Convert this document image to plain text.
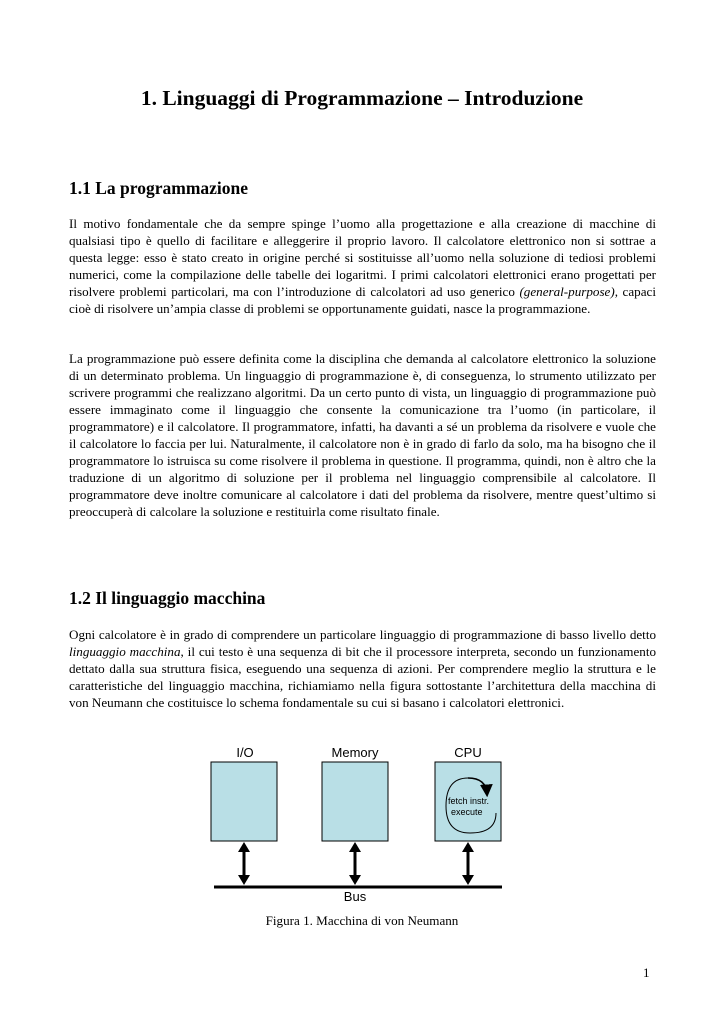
1. Linguaggi di Programmazione – Introduzione
1.1 La programmazione

Il motivo fondamentale che da sempre spinge l’uomo alla progettazione e alla creazione di macchine di qualsiasi tipo è quello di facilitare e alleggerire il proprio lavoro. Il calcolatore elettronico non si sottrae a questa legge: esso è stato creato in origine perché si sostituisse all’uomo nella soluzione di tediosi problemi numerici, come la compilazione delle tabelle dei logaritmi. I primi calcolatori elettronici erano progettati per risolvere problemi particolari, ma con l’introduzione di calcolatori ad uso generico (general-purpose), capaci cioè di risolvere un’ampia classe di problemi se opportunamente guidati, nasce la programmazione.

La programmazione può essere definita come la disciplina che demanda al calcolatore elettronico la soluzione di un determinato problema. Un linguaggio di programmazione è, di conseguenza, lo strumento utilizzato per scrivere programmi che realizzano algoritmi. Da un certo punto di vista, un linguaggio di programmazione può essere immaginato come il linguaggio che consente la comunicazione tra l’uomo (in particolare, il programmatore) e il calcolatore. Il programmatore, infatti, ha davanti a sé un problema da risolvere e vuole che il calcolatore lo faccia per lui. Naturalmente, il calcolatore non è in grado di farlo da solo, ma ha bisogno che il programmatore lo istruisca su come risolvere il problema in questione. Il programma, quindi, non è altro che la traduzione di un algoritmo di soluzione per il problema nel linguaggio comprensibile al calcolatore. Il programmatore deve inoltre comunicare al calcolatore i dati del problema da risolvere, mentre quest’ultimo si preoccuperà di calcolare la soluzione e restituirla come risultato finale.

1.2 Il linguaggio macchina

Ogni calcolatore è in grado di comprendere un particolare linguaggio di programmazione di basso livello detto linguaggio macchina, il cui testo è una sequenza di bit che il processore interpreta, secondo un funzionamento dettato dalla sua struttura fisica, eseguendo una sequenza di azioni. Per comprendere meglio la struttura e le caratteristiche del linguaggio macchina, richiamiamo nella figura sottostante l’architettura della macchina di von Neumann che costituisce lo schema fondamentale su cui si basano i calcolatori elettronici.

I/O	Memory	CPU
fetch instr.
execute
Bus

Figura 1. Macchina di von Neumann

1
